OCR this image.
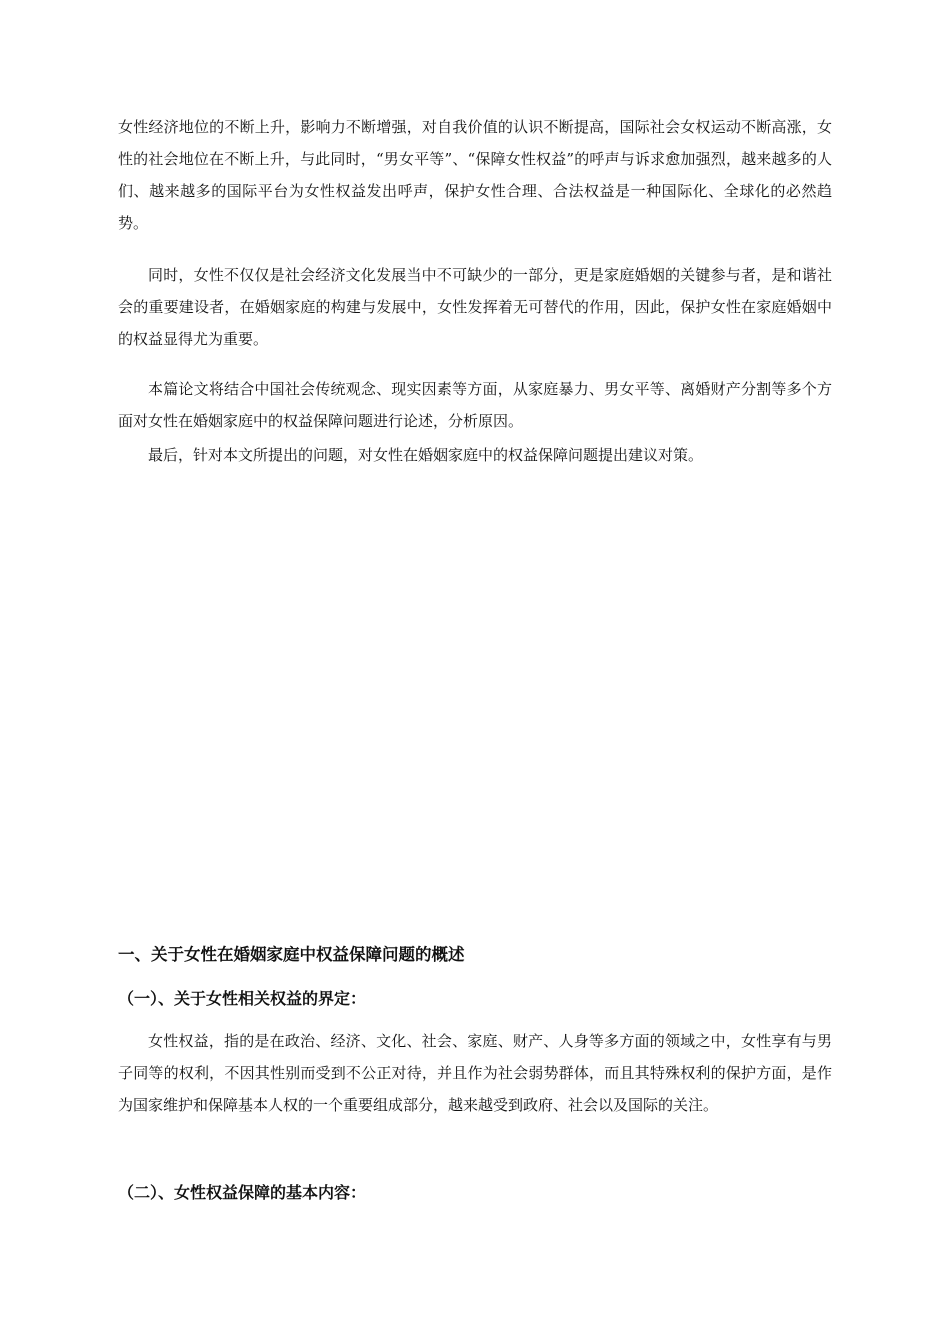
女性经济地位的不断上升，影响力不断增强，对自我价值的认识不断提高，国际社会女权运动不断高涨，女性的社会地位在不断上升，与此同时，“男女平等”、“保障女性权益”的呼声与诉求愈加强烈，越来越多的人们、越来越多的国际平台为女性权益发出呼声，保护女性合理、合法权益是一种国际化、全球化的必然趋势。

同时，女性不仅仅是社会经济文化发展当中不可缺少的一部分，更是家庭婚姻的关键参与者，是和谐社会的重要建设者，在婚姻家庭的构建与发展中，女性发挥着无可替代的作用，因此，保护女性在家庭婚姻中的权益显得尤为重要。

本篇论文将结合中国社会传统观念、现实因素等方面，从家庭暴力、男女平等、离婚财产分割等多个方面对女性在婚姻家庭中的权益保障问题进行论述，分析原因。

最后，针对本文所提出的问题，对女性在婚姻家庭中的权益保障问题提出建议对策。

一、关于女性在婚姻家庭中权益保障问题的概述
（一）、关于女性相关权益的界定：

女性权益，指的是在政治、经济、文化、社会、家庭、财产、人身等多方面的领域之中，女性享有与男子同等的权利，不因其性别而受到不公正对待，并且作为社会弱势群体，而且其特殊权利的保护方面，是作为国家维护和保障基本人权的一个重要组成部分，越来越受到政府、社会以及国际的关注。

（二）、女性权益保障的基本内容：
